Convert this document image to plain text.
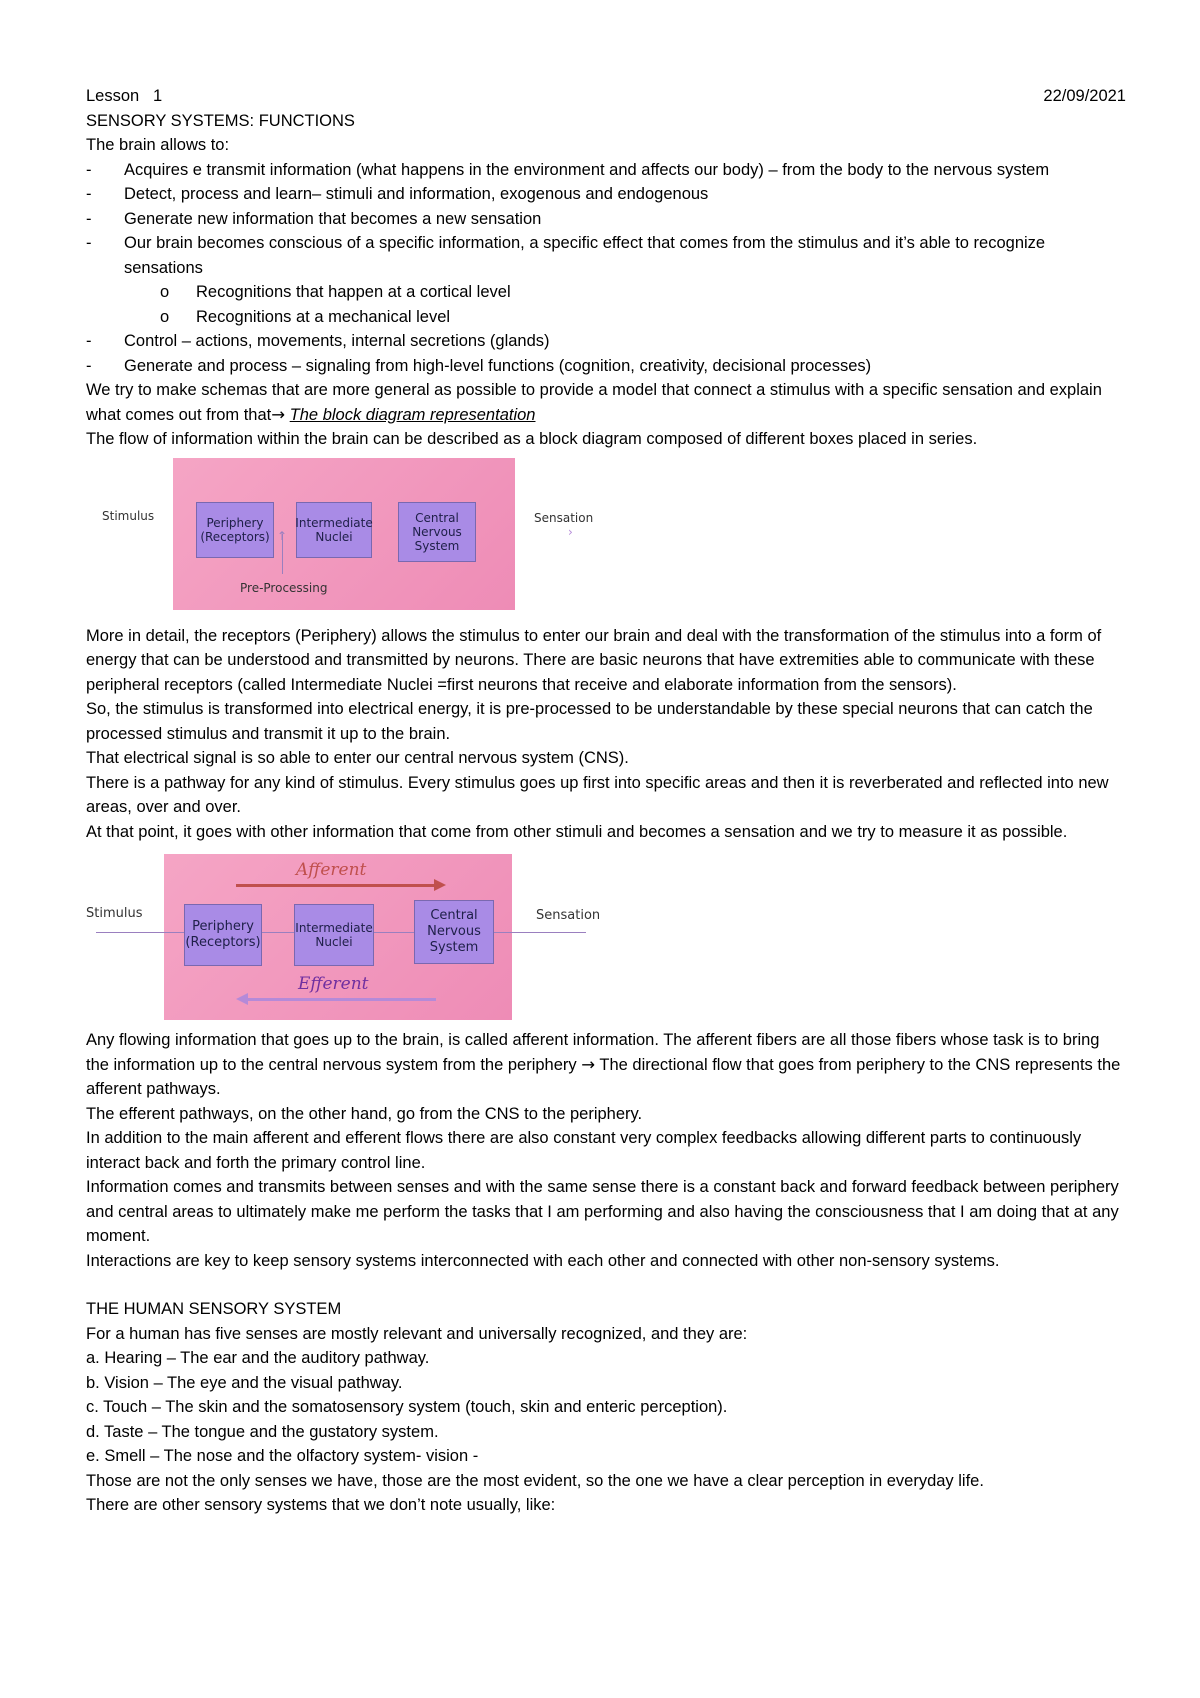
Lesson   1	22/09/2021

SENSORY SYSTEMS: FUNCTIONS

The brain allows to:

- Acquires e transmit information (what happens in the environment and affects our body) – from the body to the nervous system
- Detect, process and learn– stimuli and information, exogenous and endogenous
- Generate new information that becomes a new sensation
- Our brain becomes conscious of a specific information, a specific effect that comes from the stimulus and it’s able to recognize sensations
o Recognitions that happen at a cortical level
o Recognitions at a mechanical level
- Control – actions, movements, internal secretions (glands)
- Generate and process – signaling from high-level functions (cognition, creativity, decisional processes)

We try to make schemas that are more general as possible to provide a model that connect a stimulus with a specific sensation and explain what comes out from that→ The block diagram representation

The flow of information within the brain can be described as a block diagram composed of different boxes placed in series.

Stimulus	Sensation
›
Periphery (Receptors)
Intermediate Nuclei
Central Nervous System
↑
Pre-Processing

More in detail, the receptors (Periphery) allows the stimulus to enter our brain and deal with the transformation of the stimulus into a form of energy that can be understood and transmitted by neurons. There are basic neurons that have extremities able to communicate with these peripheral receptors (called Intermediate Nuclei =first neurons that receive and elaborate information from the sensors).

So, the stimulus is transformed into electrical energy, it is pre-processed to be understandable by these special neurons that can catch the processed stimulus and transmit it up to the brain.

That electrical signal is so able to enter our central nervous system (CNS).

There is a pathway for any kind of stimulus. Every stimulus goes up first into specific areas and then it is reverberated and reflected into new areas, over and over.

At that point, it goes with other information that come from other stimuli and becomes a sensation and we try to measure it as possible.

Afferent
Stimulus	Sensation
Periphery (Receptors)
Intermediate Nuclei
Central Nervous System
Efferent

Any flowing information that goes up to the brain, is called afferent information. The afferent fibers are all those fibers whose task is to bring the information up to the central nervous system from the periphery → The directional flow that goes from periphery to the CNS represents the afferent pathways.

The efferent pathways, on the other hand, go from the CNS to the periphery.

In addition to the main afferent and efferent flows there are also constant very complex feedbacks allowing different parts to continuously interact back and forth the primary control line.

Information comes and transmits between senses and with the same sense there is a constant back and forward feedback between periphery and central areas to ultimately make me perform the tasks that I am performing and also having the consciousness that I am doing that at any moment.

Interactions are key to keep sensory systems interconnected with each other and connected with other non-sensory systems.

THE HUMAN SENSORY SYSTEM

For a human has five senses are mostly relevant and universally recognized, and they are:

a. Hearing – The ear and the auditory pathway.

b. Vision – The eye and the visual pathway.

c. Touch – The skin and the somatosensory system (touch, skin and enteric perception).

d. Taste – The tongue and the gustatory system.

e. Smell – The nose and the olfactory system- vision -

Those are not the only senses we have, those are the most evident, so the one we have a clear perception in everyday life.

There are other sensory systems that we don’t note usually, like:
